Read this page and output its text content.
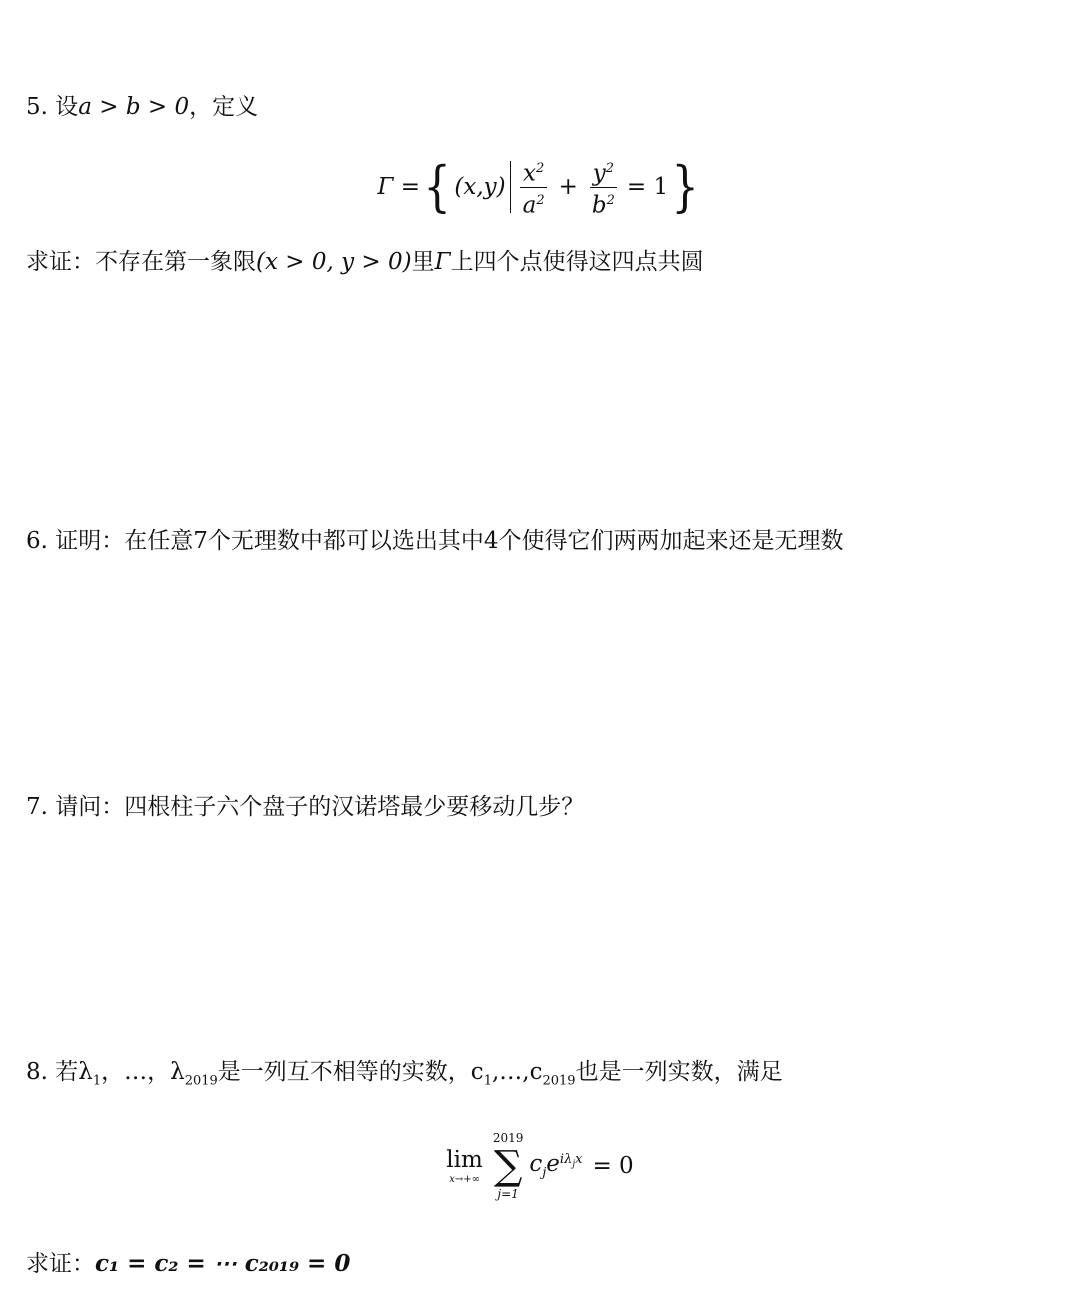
5. 设a > b > 0，定义
Γ = { $(x,y) \frac{x^2}{a^2} + \frac{y^2}{b^2} = 1$ }
求证：不存在第一象限(x > 0, y > 0)里Γ上四个点使得这四点共圆
6. 证明：在任意7个无理数中都可以选出其中4个使得它们两两加起来还是无理数
7. 请问：四根柱子六个盘子的汉诺塔最少要移动几步？
8. 若$\lambda_1$，…，$\lambda_{2019}$是一列互不相等的实数，$c_1,\dots,c_{2019}$也是一列实数，满足
lim
x→+∞
2019
∑
j=1
$c_je^{i\lambda_jx} = 0$
求证：c₁ = c₂ = ⋯ c₂₀₁₉ = 0
